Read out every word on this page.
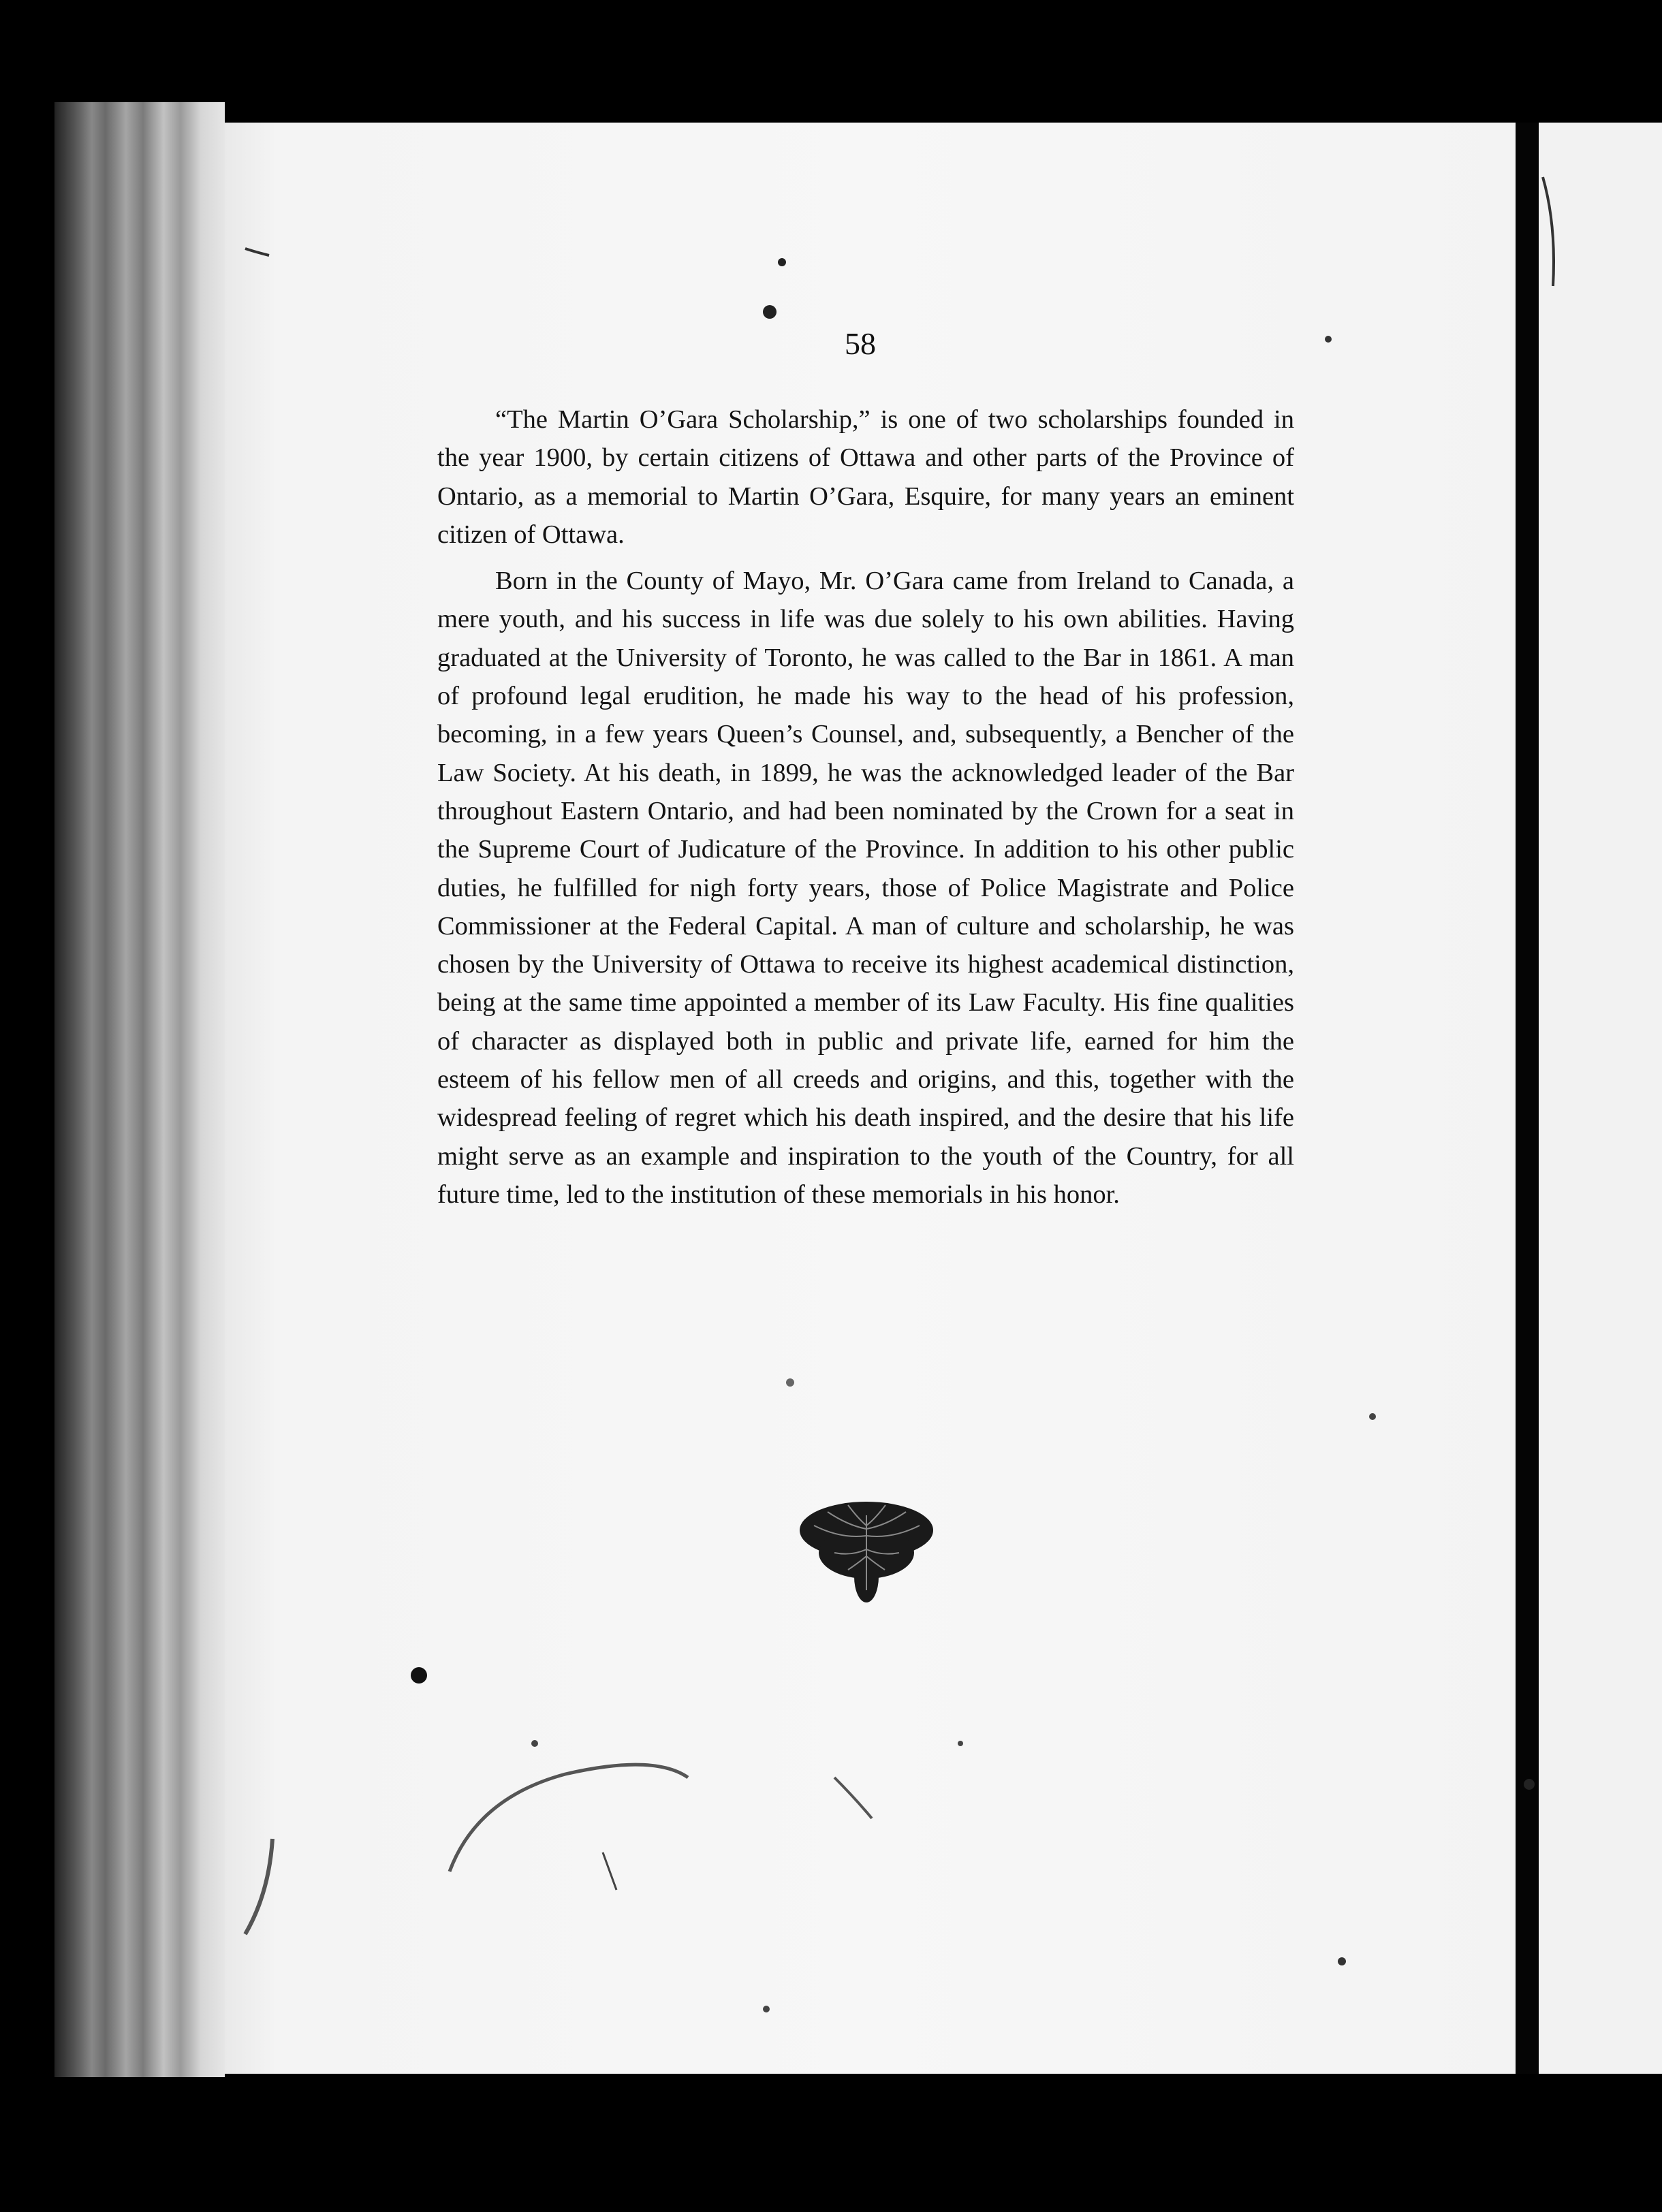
58

“The Martin O’Gara Scholarship,” is one of two scholarships founded in the year 1900, by certain citizens of Ottawa and other parts of the Province of Ontario, as a memorial to Martin O’Gara, Esquire, for many years an eminent citizen of Ottawa.

Born in the County of Mayo, Mr. O’Gara came from Ireland to Canada, a mere youth, and his success in life was due solely to his own abilities. Having graduated at the University of Toronto, he was called to the Bar in 1861. A man of profound legal erudition, he made his way to the head of his profession, becoming, in a few years Queen’s Counsel, and, subsequently, a Bencher of the Law Society. At his death, in 1899, he was the acknowledged leader of the Bar throughout Eastern Ontario, and had been nominated by the Crown for a seat in the Supreme Court of Judicature of the Province. In addition to his other public duties, he fulfilled for nigh forty years, those of Police Magistrate and Police Commissioner at the Federal Capital. A man of culture and scholarship, he was chosen by the University of Ottawa to receive its highest academical distinction, being at the same time appointed a member of its Law Faculty. His fine qualities of character as displayed both in public and private life, earned for him the esteem of his fellow men of all creeds and origins, and this, together with the widespread feeling of regret which his death inspired, and the desire that his life might serve as an example and inspiration to the youth of the Country, for all future time, led to the institution of these memorials in his honor.
